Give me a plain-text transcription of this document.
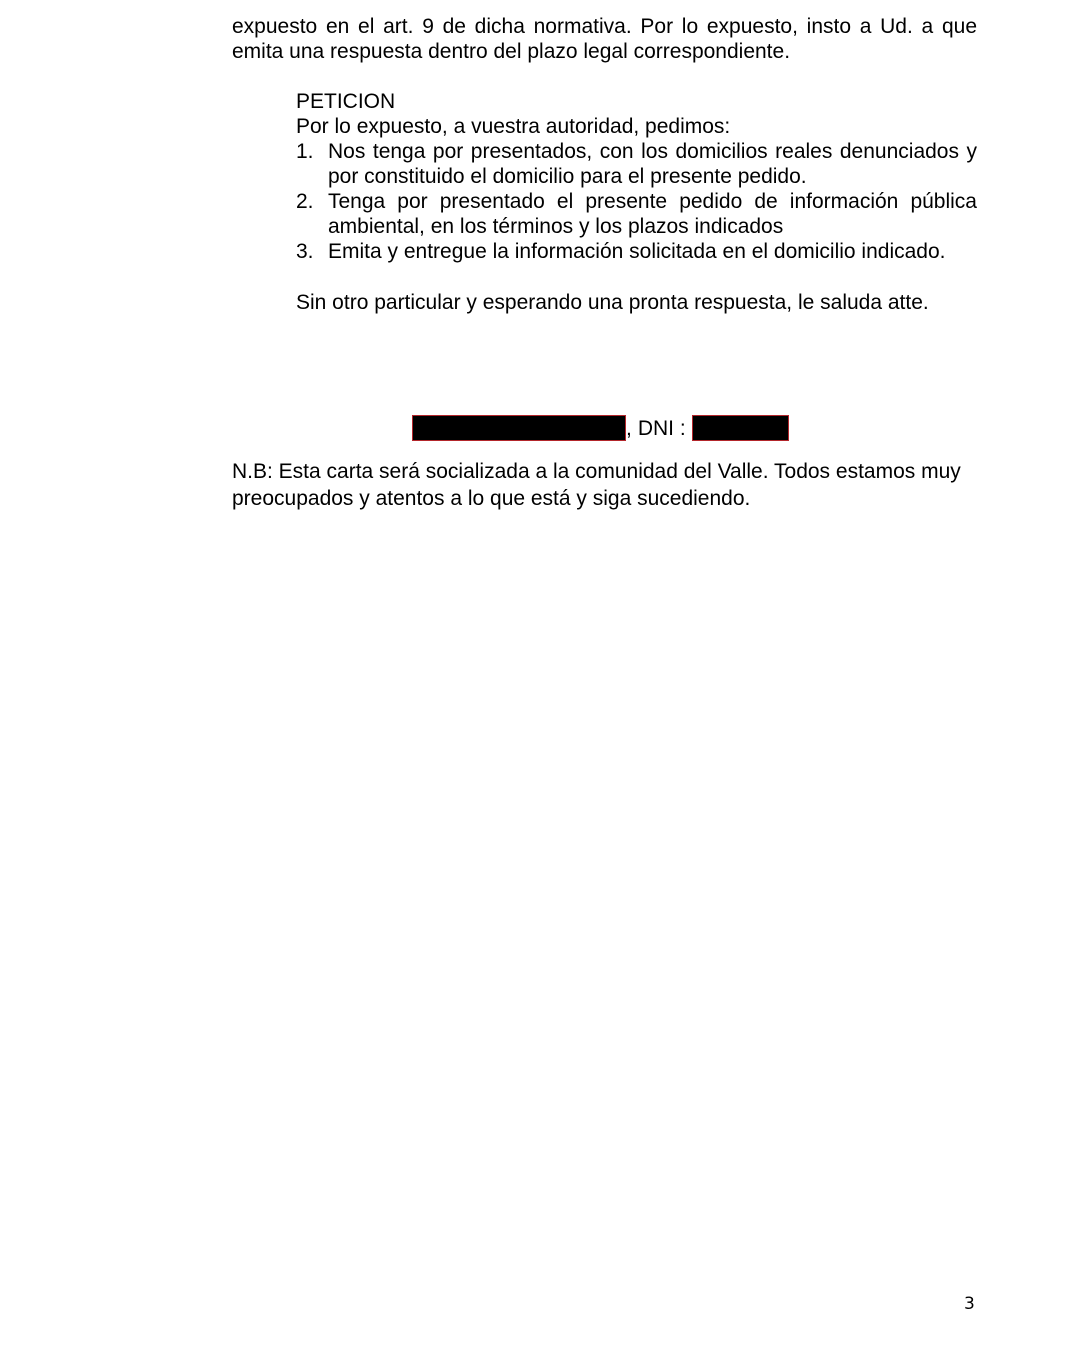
expuesto en el art. 9 de dicha normativa. Por lo expuesto, insto a Ud. a que emita una respuesta dentro del plazo legal correspondiente.

PETICION

Por lo expuesto, a vuestra autoridad, pedimos:

1. Nos tenga por presentados, con los domicilios reales denunciados y por constituido el domicilio para el presente pedido.
2. Tenga por presentado el presente pedido de información pública ambiental, en los términos y los plazos indicados
3. Emita y entregue la información solicitada en el domicilio indicado.
Sin otro particular y esperando una pronta respuesta, le saluda atte.
, DNI :
N.B: Esta carta será socializada a la comunidad del Valle. Todos estamos muy preocupados y atentos a lo que está y siga sucediendo.
3
